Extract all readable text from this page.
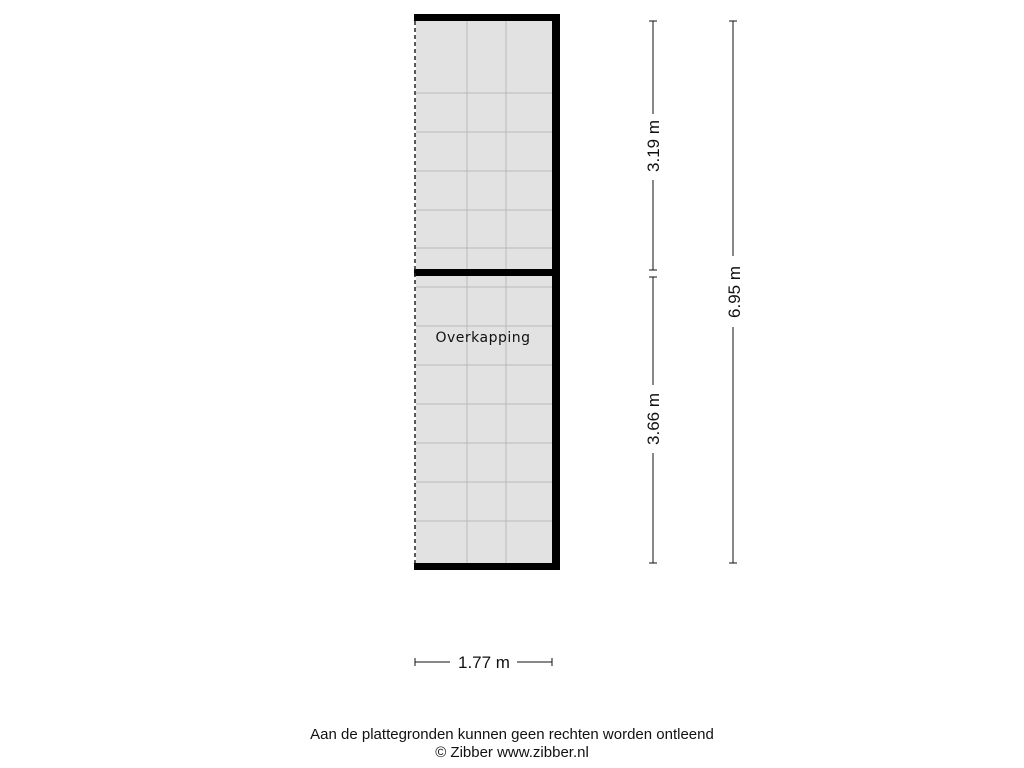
Overkapping
3.19 m
3.66 m
6.95 m
1.77 m
Aan de plattegronden kunnen geen rechten worden ontleend
© Zibber www.zibber.nl
